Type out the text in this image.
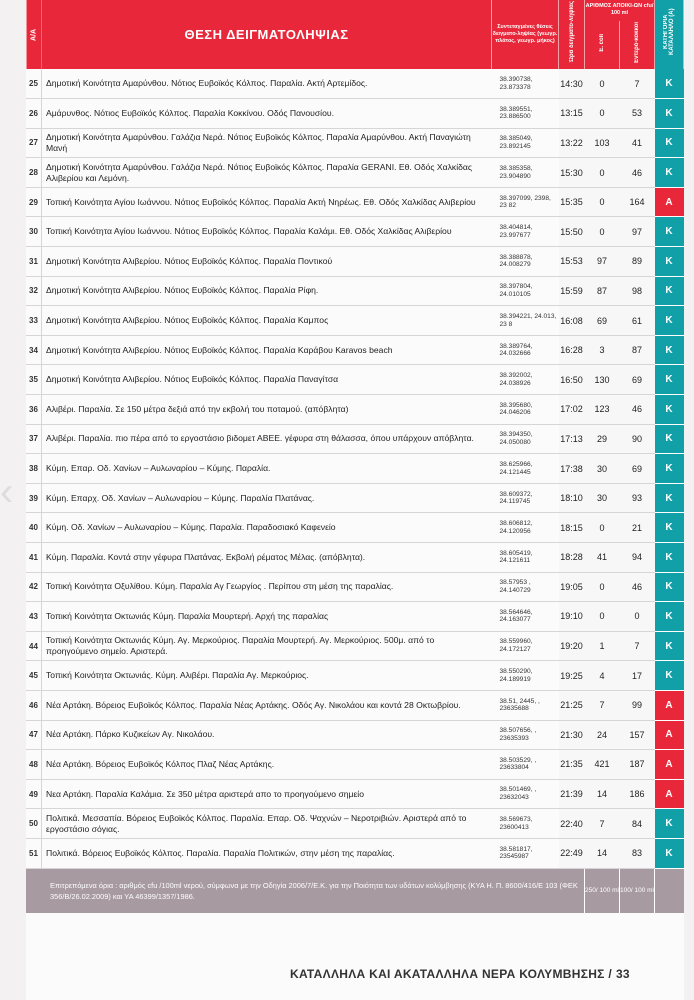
‹
Α/Α	ΘΕΣΗ ΔΕΙΓΜΑΤΟΛΗΨΙΑΣ	Συντεταγμένες θέσεις δειγματο-ληψίας (γεωγρ. πλάτος, γεωγρ. μήκος)	Ώρα δειγματο-ληψίας	ΑΡΙΘΜΟΣ ΑΠΟΙΚΙ-ΩΝ cfu/ 100 ml		ΚΑΤΗΓΟΡΙΑ ΚΑΤΑΛΛΗΛΟ (Α)
				E. coli	Εντερό-κοκκοι	
25	Δημοτική Κοινότητα Αμαρύνθου. Νότιος Ευβοϊκός Κόλπος. Παραλία. Ακτή Αρτεμίδος.	38.390738, 23.873378	14:30	0	7	K
26	Αμάρυνθος. Νότιος Ευβοϊκός Κόλπος. Παραλία Κοκκίνου. Οδός Πανουσίου.	38.389551, 23.886500	13:15	0	53	K
27	Δημοτική Κοινότητα Αμαρύνθου. Γαλάζια Νερά. Νότιος Ευβοϊκός Κόλπος. Παραλία Αμαρύνθου. Ακτή Παναγιώτη Μανή	38.385049, 23.892145	13:22	103	41	K
28	Δημοτική Κοινότητα Αμαρύνθου. Γαλάζια Νερά. Νότιος Ευβοϊκός Κόλπος. Παραλία GERANI. Εθ. Οδός Χαλκίδας Αλιβερίου και Λεμόνη.	38.385358, 23.904890	15:30	0	46	K
29	Τοπική Κοινότητα Αγίου Ιωάννου. Νότιος Ευβοϊκός Κόλπος. Παραλία Ακτή Νηρέως. Εθ. Οδός Χαλκίδας Αλιβερίου	38.397099, 2398, 23 82	15:35	0	164	A
30	Τοπική Κοινότητα Αγίου Ιωάννου. Νότιος Ευβοϊκός Κόλπος. Παραλία Καλάμι. Εθ. Οδός Χαλκίδας Αλιβερίου	38.404814, 23.997677	15:50	0	97	K
31	Δημοτική Κοινότητα Αλιβερίου. Νότιος Ευβοϊκός Κόλπος. Παραλία Ποντικού	38.388878, 24.008279	15:53	97	89	K
32	Δημοτική Κοινότητα Αλιβερίου. Νότιος Ευβοϊκός Κόλπος. Παραλία Ρίφη.	38.397804, 24.010105	15:59	87	98	K
33	Δημοτική Κοινότητα Αλιβερίου. Νότιος Ευβοϊκός Κόλπος. Παραλία Καμπος	38.394221, 24.013, 23 8	16:08	69	61	K
34	Δημοτική Κοινότητα Αλιβερίου. Νότιος Ευβοϊκός Κόλπος. Παραλία Καράβου Karavos beach	38.389764, 24.032666	16:28	3	87	K
35	Δημοτική Κοινότητα Αλιβερίου. Νότιος Ευβοϊκός Κόλπος. Παραλία Παναγίτσα	38.392002, 24.038926	16:50	130	69	K
36	Αλιβέρι. Παραλία. Σε 150 μέτρα δεξιά από την εκβολή του ποταμού. (απόβλητα)	38.395680, 24.046206	17:02	123	46	K
37	Αλιβέρι. Παραλία. πιο πέρα από το εργοστάσιο βιδομετ ΑΒΕΕ. γέφυρα στη θάλασσα, όπου υπάρχουν απόβλητα.	38.394350, 24.050080	17:13	29	90	K
38	Κύμη. Επαρ. Οδ. Χανίων – Αυλωναρίου – Κύμης. Παραλία.	38.625966, 24.121445	17:38	30	69	K
39	Κύμη. Επαρχ. Οδ. Χανίων – Αυλωναρίου – Κύμης. Παραλία Πλατάνας.	38.609372, 24.119745	18:10	30	93	K
40	Κύμη. Οδ. Χανίων – Αυλωναρίου – Κύμης. Παραλία. Παραδοσιακό Καφενείο	38.606812, 24.120956	18:15	0	21	K
41	Κύμη. Παραλία. Κοντά στην γέφυρα Πλατάνας. Εκβολή ρέματος Μέλας. (απόβλητα).	38.605419, 24.121611	18:28	41	94	K
42	Τοπική Κοινότητα Οξυλίθου. Κύμη. Παραλία Αγ Γεωργίος . Περίπου στη μέση της παραλίας.	38.57953 , 24.140729	19:05	0	46	K
43	Τοπική Κοινότητα Οκτωνιάς Κύμη. Παραλία Μουρτερή. Αρχή της παραλίας	38.564646, 24.163077	19:10	0	0	K
44	Τοπική Κοινότητα Οκτωνιάς Κύμη. Αγ. Μερκούριος. Παραλία Μουρτερή. Αγ. Μερκούριος. 500μ. από το προηγούμενο σημείο. Αριστερά.	38.559960, 24.172127	19:20	1	7	K
45	Τοπική Κοινότητα Οκτωνιάς. Κύμη. Αλιβέρι. Παραλία Αγ. Μερκούριος.	38.550290, 24.189919	19:25	4	17	K
46	Νέα Αρτάκη. Βόρειος Ευβοϊκός Κόλπος. Παραλία Νέας Αρτάκης. Οδός Αγ. Νικολάου και κοντά 28 Οκτωβρίου.	38.51, 2445, , 23635688	21:25	7	99	A
47	Νέα Αρτάκη. Πάρκο Κυζικείων Αγ. Νικολάου.	38.507656, , 23635393	21:30	24	157	A
48	Νέα Αρτάκη. Βόρειος Ευβοϊκός Κόλπος Πλαζ Νέας Αρτάκης.	38.503529, , 23633804	21:35	421	187	A
49	Νεα Αρτάκη. Παραλία Καλάμια. Σε 350 μέτρα αριστερά απο το προηγούμενο σημείο	38.501469, , 23632043	21:39	14	186	A
50	Πολιτικά. Μεσσαπία. Βόρειος Ευβοϊκός Κόλπος. Παραλία. Επαρ. Οδ. Ψαχνών – Νεροτριβιών. Αριστερά από το εργοστάσιο σόγιας.	38.569673, 23600413	22:40	7	84	K
51	Πολιτικά. Βόρειος Ευβοϊκός Κόλπος. Παραλία. Παραλία Πολιτικών, στην μέση της παραλίας.	38.581817, 23545987	22:49	14	83	K
Επιτρεπόμενα όρια : αριθμός cfu /100ml νερού, σύμφωνα με την Οδηγία 2006/7/Ε.Κ. για την Ποιότητα των υδάτων κολύμβησης (ΚΥΑ Η. Π. 8600/416/Ε 103 (ΦΕΚ 356/Β/26.02.2009) και ΥΑ 46399/1357/1986.				250/ 100 ml	100/ 100 ml	
ΚΑΤΑΛΛΗΛΑ ΚΑΙ ΑΚΑΤΑΛΛΗΛΑ ΝΕΡΑ ΚΟΛΥΜΒΗΣΗΣ / 33
